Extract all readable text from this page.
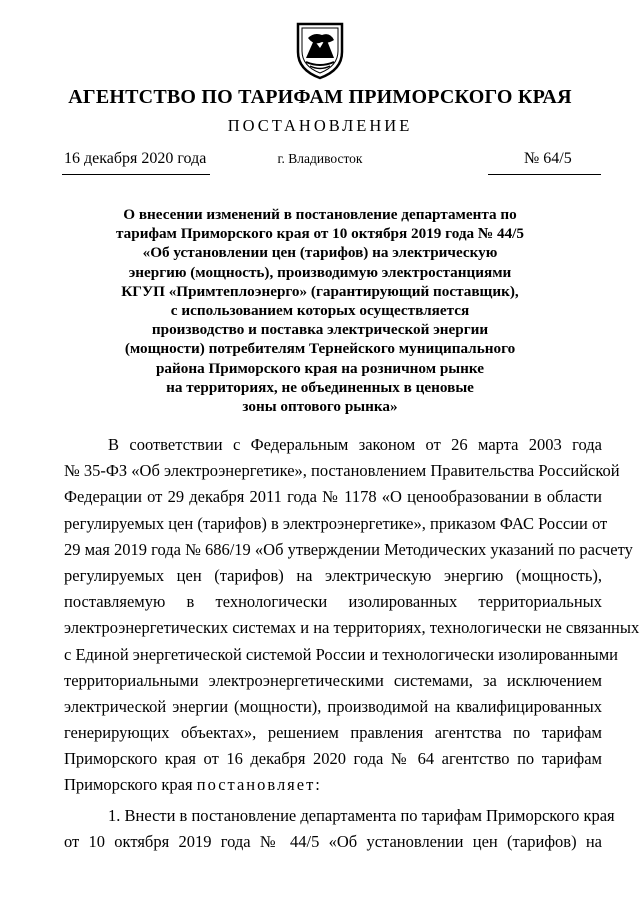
АГЕНТСТВО ПО ТАРИФАМ ПРИМОРСКОГО КРАЯ
ПОСТАНОВЛЕНИЕ
16 декабря 2020 года	г. Владивосток	№ 64/5
О внесении изменений в постановление департамента по
тарифам Приморского края от 10 октября 2019 года № 44/5
«Об установлении цен (тарифов) на электрическую
энергию (мощность), производимую электростанциями
КГУП «Примтеплоэнерго» (гарантирующий поставщик),
с использованием которых осуществляется
производство и поставка электрической энергии
(мощности) потребителям Тернейского муниципального
района Приморского края на розничном рынке
на территориях, не объединенных в ценовые
зоны оптового рынка»
В соответствии с Федеральным законом от 26 марта 2003 года
№ 35-ФЗ «Об электроэнергетике», постановлением Правительства Российской
Федерации от 29 декабря 2011 года № 1178 «О ценообразовании в области
регулируемых цен (тарифов) в электроэнергетике», приказом ФАС России от
29 мая 2019 года № 686/19 «Об утверждении Методических указаний по расчету
регулируемых цен (тарифов) на электрическую энергию (мощность),
поставляемую в технологически изолированных территориальных
электроэнергетических системах и на территориях, технологически не связанных
с Единой энергетической системой России и технологически изолированными
территориальными электроэнергетическими системами, за исключением
электрической энергии (мощности), производимой на квалифицированных
генерирующих объектах», решением правления агентства по тарифам
Приморского края от 16 декабря 2020 года № 64 агентство по тарифам
Приморского края постановляет:
1. Внести в постановление департамента по тарифам Приморского края
от 10 октября 2019 года № 44/5 «Об установлении цен (тарифов) на
